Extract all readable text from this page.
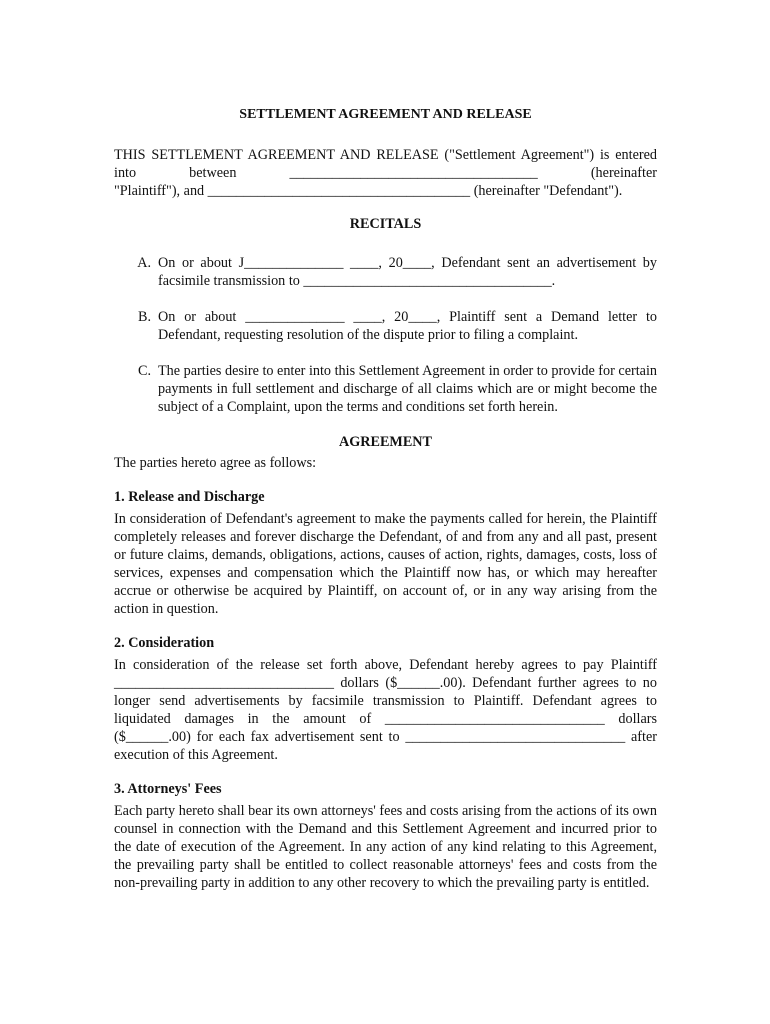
SETTLEMENT AGREEMENT AND RELEASE

THIS SETTLEMENT AGREEMENT AND RELEASE ("Settlement Agreement") is entered into between ___________________________________ (hereinafter

"Plaintiff"), and _____________________________________ (hereinafter "Defendant").

RECITALS
A. On or about J______________ ____, 20____, Defendant sent an advertisement by facsimile transmission to ___________________________________.
B. On or about ______________ ____, 20____, Plaintiff sent a Demand letter to Defendant, requesting resolution of the dispute prior to filing a complaint.
C. The parties desire to enter into this Settlement Agreement in order to provide for certain payments in full settlement and discharge of all claims which are or might become the subject of a Complaint, upon the terms and conditions set forth herein.
AGREEMENT

The parties hereto agree as follows:

1. Release and Discharge

In consideration of Defendant's agreement to make the payments called for herein, the Plaintiff completely releases and forever discharge the Defendant, of and from any and all past, present or future claims, demands, obligations, actions, causes of action, rights, damages, costs, loss of services, expenses and compensation which the Plaintiff now has, or which may hereafter accrue or otherwise be acquired by Plaintiff, on account of, or in any way arising from the action in question.

2. Consideration

In consideration of the release set forth above, Defendant hereby agrees to pay Plaintiff _______________________________ dollars ($______.00). Defendant further agrees to no longer send advertisements by facsimile transmission to Plaintiff. Defendant agrees to liquidated damages in the amount of _______________________________ dollars ($______.00) for each fax advertisement sent to _______________________________ after execution of this Agreement.

3. Attorneys' Fees

Each party hereto shall bear its own attorneys' fees and costs arising from the actions of its own counsel in connection with the Demand and this Settlement Agreement and incurred prior to the date of execution of the Agreement. In any action of any kind relating to this Agreement, the prevailing party shall be entitled to collect reasonable attorneys' fees and costs from the non-prevailing party in addition to any other recovery to which the prevailing party is entitled.
